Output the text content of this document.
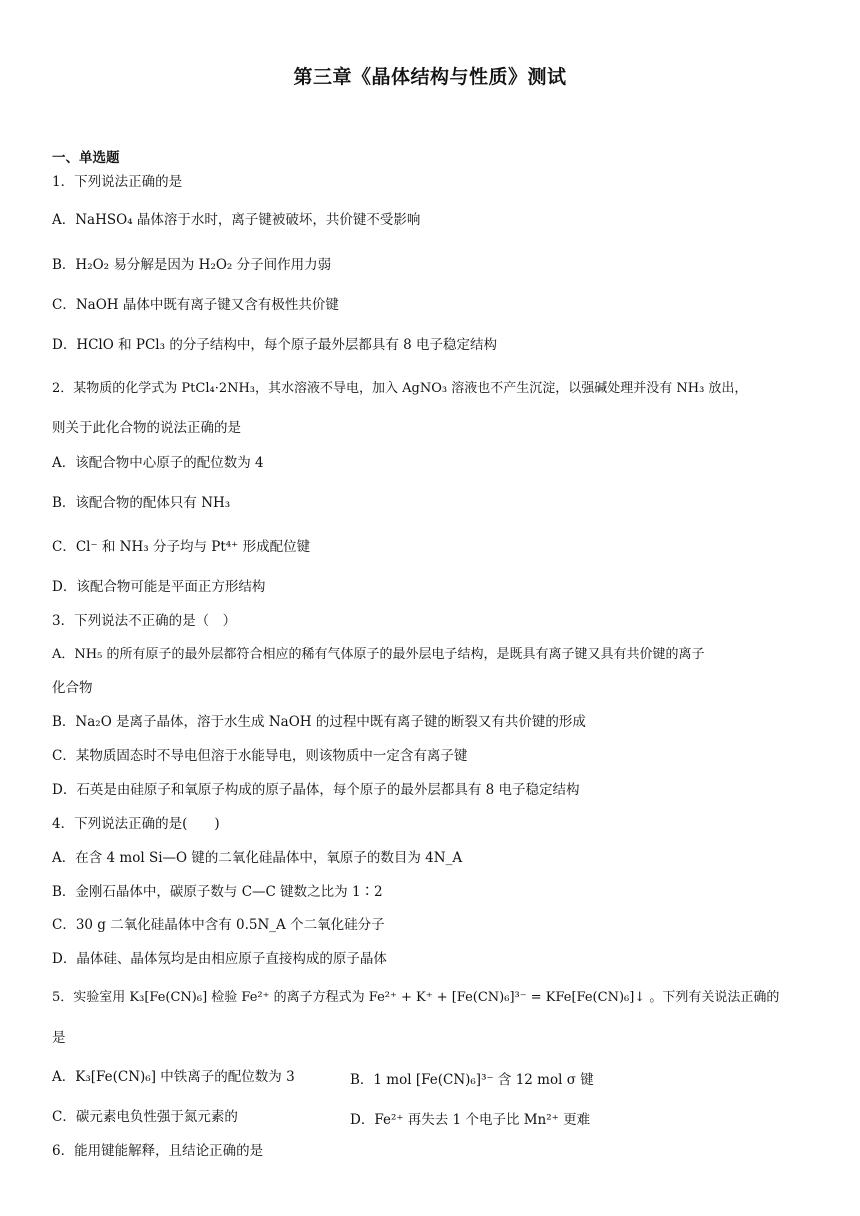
第三章《晶体结构与性质》测试
一、单选题
1．下列说法正确的是
A．NaHSO₄ 晶体溶于水时，离子键被破坏，共价键不受影响
B．H₂O₂ 易分解是因为 H₂O₂ 分子间作用力弱
C．NaOH 晶体中既有离子键又含有极性共价键
D．HClO 和 PCl₃ 的分子结构中，每个原子最外层都具有 8 电子稳定结构
2．某物质的化学式为 PtCl₄·2NH₃，其水溶液不导电，加入 AgNO₃ 溶液也不产生沉淀，以强碱处理并没有 NH₃ 放出，
则关于此化合物的说法正确的是
A．该配合物中心原子的配位数为 4
B．该配合物的配体只有 NH₃
C．Cl⁻ 和 NH₃ 分子均与 Pt⁴⁺ 形成配位键
D．该配合物可能是平面正方形结构
3．下列说法不正确的是（　）
A．NH₅ 的所有原子的最外层都符合相应的稀有气体原子的最外层电子结构，是既具有离子键又具有共价键的离子
化合物
B．Na₂O 是离子晶体，溶于水生成 NaOH 的过程中既有离子键的断裂又有共价键的形成
C．某物质固态时不导电但溶于水能导电，则该物质中一定含有离子键
D．石英是由硅原子和氧原子构成的原子晶体，每个原子的最外层都具有 8 电子稳定结构
4．下列说法正确的是(　　)
A．在含 4 mol Si—O 键的二氧化硅晶体中，氧原子的数目为 4N_A
B．金刚石晶体中，碳原子数与 C—C 键数之比为 1∶2
C．30 g 二氧化硅晶体中含有 0.5N_A 个二氧化硅分子
D．晶体硅、晶体氖均是由相应原子直接构成的原子晶体
5．实验室用 K₃[Fe(CN)₆] 检验 Fe²⁺ 的离子方程式为 Fe²⁺ + K⁺ + [Fe(CN)₆]³⁻ = KFe[Fe(CN)₆]↓ 。下列有关说法正确的
是
A．K₃[Fe(CN)₆] 中铁离子的配位数为 3	B．1 mol [Fe(CN)₆]³⁻ 含 12 mol σ 键
C．碳元素电负性强于氮元素的	D．Fe²⁺ 再失去 1 个电子比 Mn²⁺ 更难
6．能用键能解释，且结论正确的是
